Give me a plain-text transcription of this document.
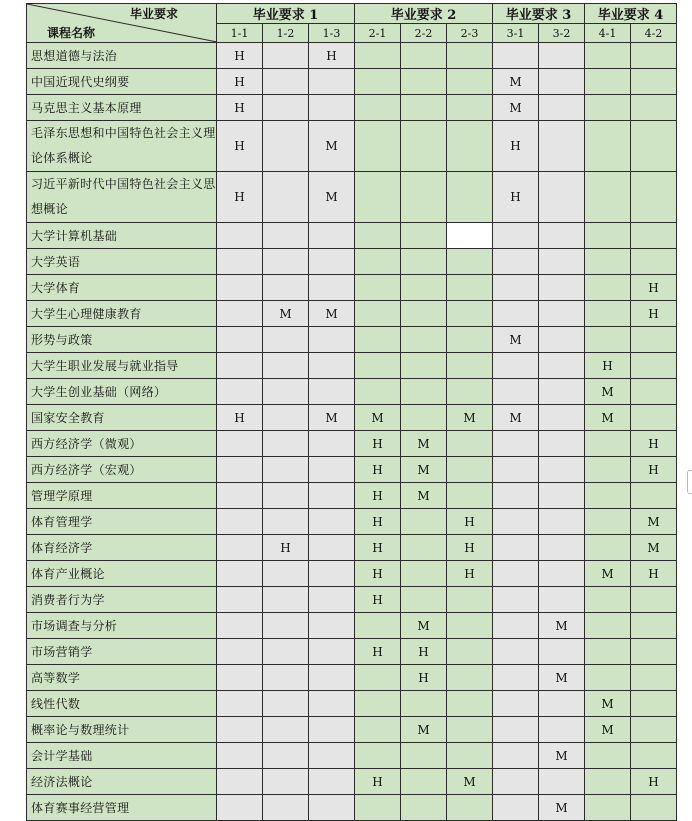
毕业要求
课程名称	毕业要求 1			毕业要求 2			毕业要求 3		毕业要求 4	
	1-1	1-2	1-3	2-1	2-2	2-3	3-1	3-2	4-1	4-2
思想道德与法治	H		H							
中国近现代史纲要	H						M			
马克思主义基本原理	H						M			
毛泽东思想和中国特色社会主义理论体系概论	H		M				H			
习近平新时代中国特色社会主义思想概论	H		M				H			
大学计算机基础										
大学英语										
大学体育										H
大学生心理健康教育		M	M							H
形势与政策							M			
大学生职业发展与就业指导									H	
大学生创业基础（网络）									M	
国家安全教育	H		M	M		M	M		M	
西方经济学（微观）				H	M					H
西方经济学（宏观）				H	M					H
管理学原理				H	M					
体育管理学				H		H				M
体育经济学		H		H		H				M
体育产业概论				H		H			M	H
消费者行为学				H						
市场调查与分析					M			M		
市场营销学				H	H					
高等数学					H			M		
线性代数									M	
概率论与数理统计					M				M	
会计学基础								M		
经济法概论				H		M				H
体育赛事经营管理								M		
